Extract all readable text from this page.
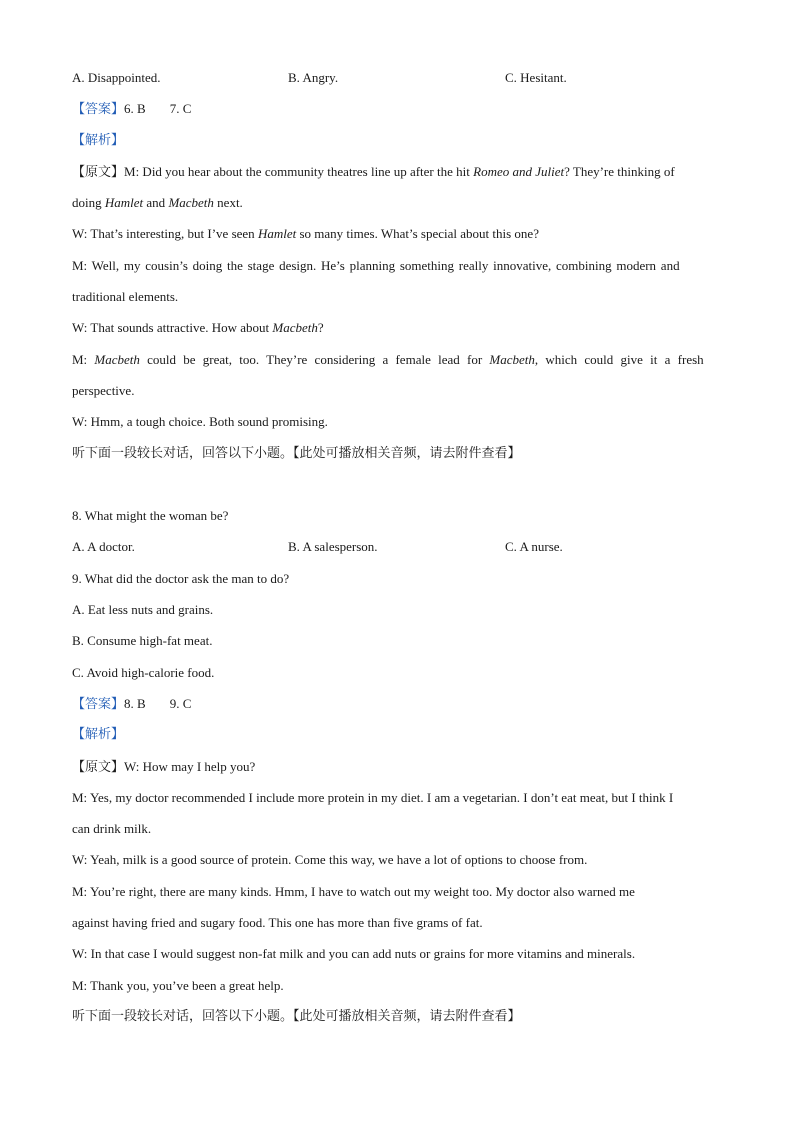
A. Disappointed.	B. Angry.	C. Hesitant.
【答案】6. B 7. C
【解析】
【原文】M: Did you hear about the community theatres line up after the hit Romeo and Juliet? They’re thinking of
doing Hamlet and Macbeth next.
W: That’s interesting, but I’ve seen Hamlet so many times. What’s special about this one?
M: Well, my cousin’s doing the stage design. He’s planning something really innovative, combining modern and
traditional elements.
W: That sounds attractive. How about Macbeth?
M: Macbeth could be great, too. They’re considering a female lead for Macbeth, which could give it a fresh
perspective.
W: Hmm, a tough choice. Both sound promising.
听下面一段较长对话，回答以下小题。【此处可播放相关音频，请去附件查看】
8. What might the woman be?
A. A doctor.	B. A salesperson.	C. A nurse.
9. What did the doctor ask the man to do?
A. Eat less nuts and grains.
B. Consume high-fat meat.
C. Avoid high-calorie food.
【答案】8. B 9. C
【解析】
【原文】W: How may I help you?
M: Yes, my doctor recommended I include more protein in my diet. I am a vegetarian. I don’t eat meat, but I think I
can drink milk.
W: Yeah, milk is a good source of protein. Come this way, we have a lot of options to choose from.
M: You’re right, there are many kinds. Hmm, I have to watch out my weight too. My doctor also warned me
against having fried and sugary food. This one has more than five grams of fat.
W: In that case I would suggest non-fat milk and you can add nuts or grains for more vitamins and minerals.
M: Thank you, you’ve been a great help.
听下面一段较长对话，回答以下小题。【此处可播放相关音频，请去附件查看】
